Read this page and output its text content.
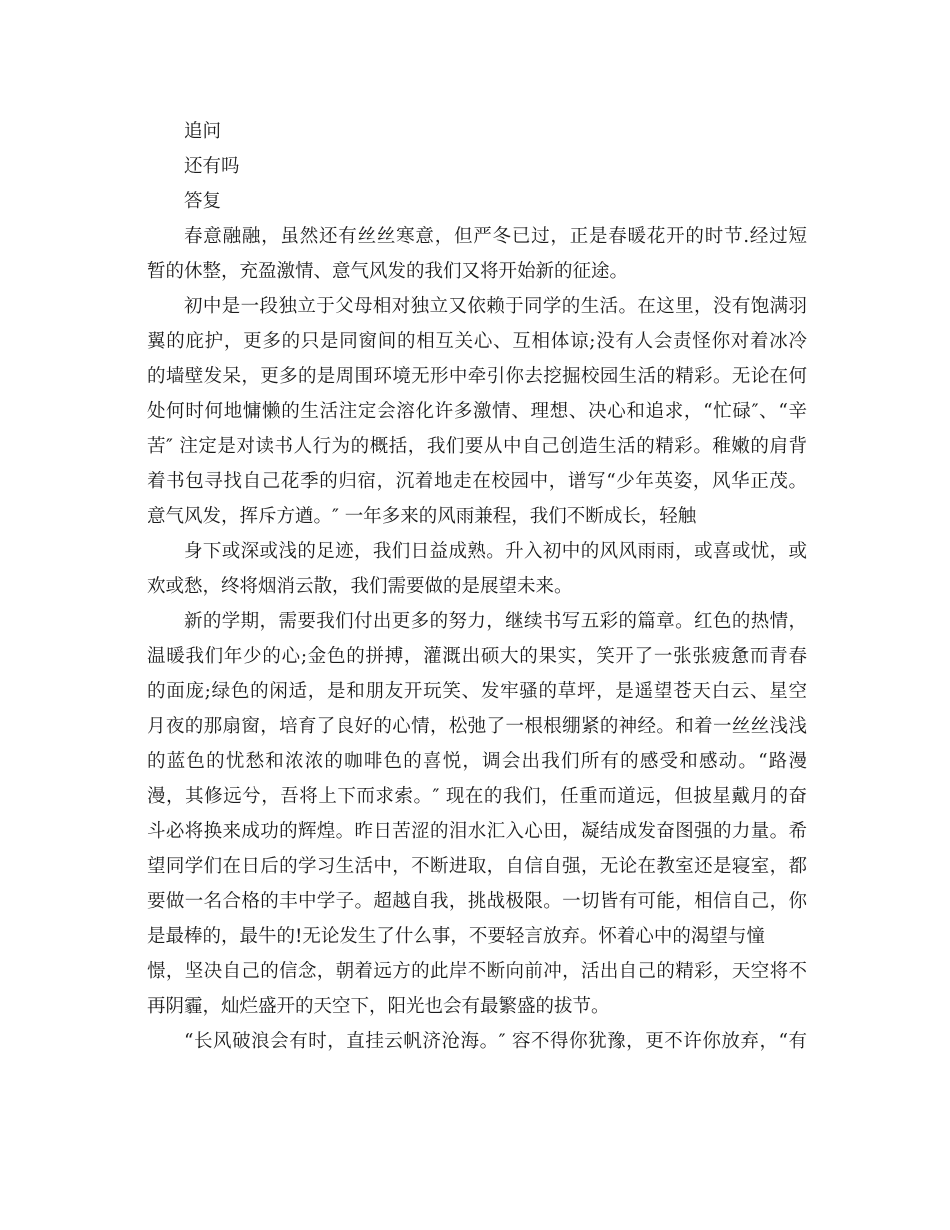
追问
还有吗
答复
春意融融，虽然还有丝丝寒意，但严冬已过，正是春暖花开的时节.经过短
暂的休整，充盈激情、意气风发的我们又将开始新的征途。
初中是一段独立于父母相对独立又依赖于同学的生活。在这里，没有饱满羽
翼的庇护，更多的只是同窗间的相互关心、互相体谅;没有人会责怪你对着冰冷
的墙壁发呆，更多的是周围环境无形中牵引你去挖掘校园生活的精彩。无论在何
处何时何地慵懒的生活注定会溶化许多激情、理想、决心和追求，“忙碌″、“辛
苦″ 注定是对读书人行为的概括，我们要从中自己创造生活的精彩。稚嫩的肩背
着书包寻找自己花季的归宿，沉着地走在校园中，谱写“少年英姿，风华正茂。
意气风发，挥斥方遒。″ 一年多来的风雨兼程，我们不断成长，轻触
身下或深或浅的足迹，我们日益成熟。升入初中的风风雨雨，或喜或忧，或
欢或愁，终将烟消云散，我们需要做的是展望未来。
新的学期，需要我们付出更多的努力，继续书写五彩的篇章。红色的热情，
温暖我们年少的心;金色的拼搏，灌溉出硕大的果实，笑开了一张张疲惫而青春
的面庞;绿色的闲适，是和朋友开玩笑、发牢骚的草坪，是遥望苍天白云、星空
月夜的那扇窗，培育了良好的心情，松弛了一根根绷紧的神经。和着一丝丝浅浅
的蓝色的忧愁和浓浓的咖啡色的喜悦，调会出我们所有的感受和感动。“路漫
漫，其修远兮，吾将上下而求索。″ 现在的我们，任重而道远，但披星戴月的奋
斗必将换来成功的辉煌。昨日苦涩的泪水汇入心田，凝结成发奋图强的力量。希
望同学们在日后的学习生活中，不断进取，自信自强，无论在教室还是寝室，都
要做一名合格的丰中学子。超越自我，挑战极限。一切皆有可能，相信自己，你
是最棒的，最牛的!无论发生了什么事，不要轻言放弃。怀着心中的渴望与憧
憬，坚决自己的信念，朝着远方的此岸不断向前冲，活出自己的精彩，天空将不
再阴霾，灿烂盛开的天空下，阳光也会有最繁盛的拔节。
“长风破浪会有时，直挂云帆济沧海。″ 容不得你犹豫，更不许你放弃，“有
